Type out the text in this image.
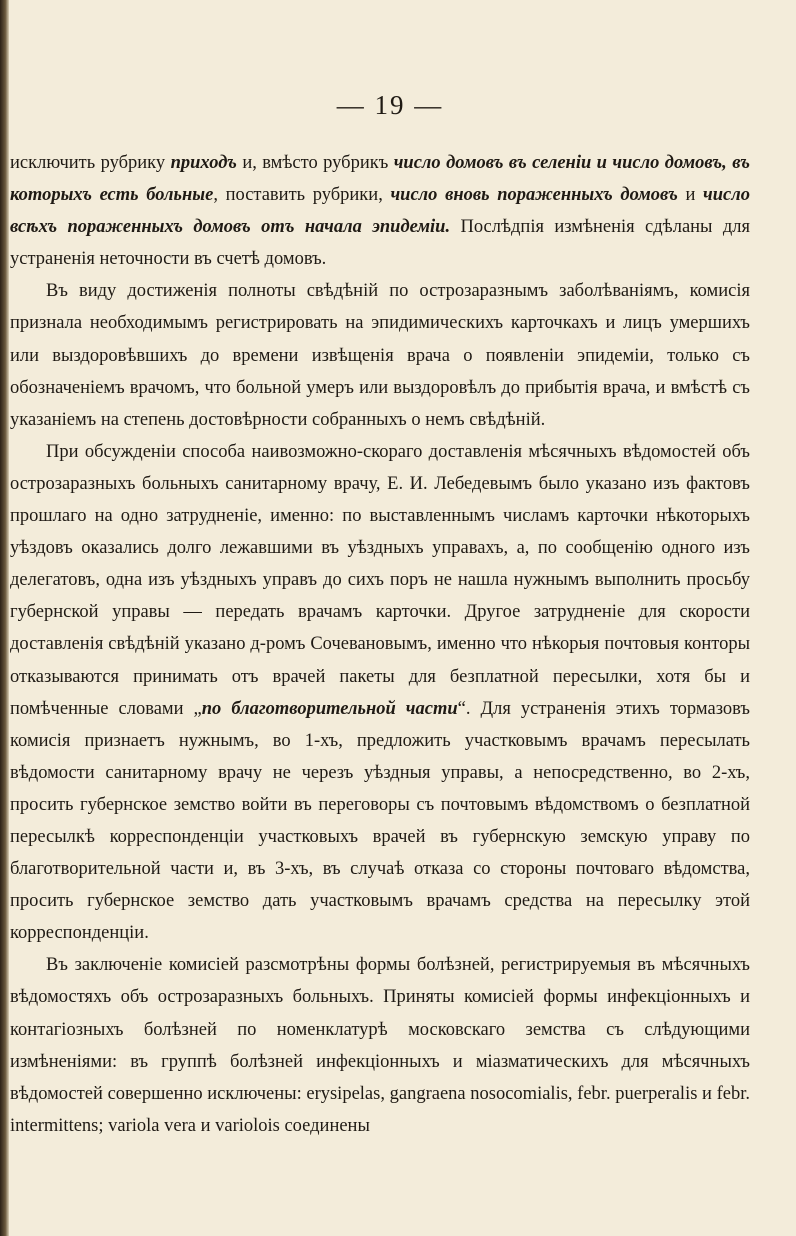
— 19 —

исключить рубрику приходъ и, вмѣсто рубрикъ число домовъ въ селеніи и число домовъ, въ которыхъ есть больные, поставить рубрики, число вновь пораженныхъ домовъ и число всѣхъ пораженныхъ домовъ отъ начала эпидеміи. Послѣдпія измѣненія сдѣланы для устраненія неточности въ счетѣ домовъ.

Въ виду достиженія полноты свѣдѣній по острозаразнымъ заболѣваніямъ, комисія признала необходимымъ регистрировать на эпидимическихъ карточкахъ и лицъ умершихъ или выздоровѣвшихъ до времени извѣщенія врача о появленіи эпидеміи, только съ обозначеніемъ врачомъ, что больной умеръ или выздоровѣлъ до прибытія врача, и вмѣстѣ съ указаніемъ на степень достовѣрности собранныхъ о немъ свѣдѣній.

При обсужденіи способа наивозможно-скораго доставленія мѣсячныхъ вѣдомостей объ острозаразныхъ больныхъ санитарному врачу, Е. И. Лебедевымъ было указано изъ фактовъ прошлаго на одно затрудненіе, именно: по выставленнымъ числамъ карточки нѣкоторыхъ уѣздовъ оказались долго лежавшими въ уѣздныхъ управахъ, а, по сообщенію одного изъ делегатовъ, одна изъ уѣздныхъ управъ до сихъ поръ не нашла нужнымъ выполнить просьбу губернской управы — передать врачамъ карточки. Другое затрудненіе для скорости доставленія свѣдѣній указано д-ромъ Сочевановымъ, именно что нѣкорыя почтовыя конторы отказываются принимать отъ врачей пакеты для безплатной пересылки, хотя бы и помѣченные словами „по благотворительной части“. Для устраненія этихъ тормазовъ комисія признаетъ нужнымъ, во 1-хъ, предложить участковымъ врачамъ пересылать вѣдомости санитарному врачу не черезъ уѣздныя управы, а непосредственно, во 2-хъ, просить губернское земство войти въ переговоры съ почтовымъ вѣдомствомъ о безплатной пересылкѣ корреспонденціи участковыхъ врачей въ губернскую земскую управу по благотворительной части и, въ 3-хъ, въ случаѣ отказа со стороны почтоваго вѣдомства, просить губернское земство дать участковымъ врачамъ средства на пересылку этой корреспонденціи.

Въ заключеніе комисіей разсмотрѣны формы болѣзней, регистрируемыя въ мѣсячныхъ вѣдомостяхъ объ острозаразныхъ больныхъ. Приняты комисіей формы инфекціонныхъ и контагіозныхъ болѣзней по номенклатурѣ московскаго земства съ слѣдующими измѣненіями: въ группѣ болѣзней инфекціонныхъ и міазматическихъ для мѣсячныхъ вѣдомостей совершенно исключены: erysipelas, gangraena nosocomialis, febr. puerperalis и febr. intermittens; variola vera и variolois соединены
